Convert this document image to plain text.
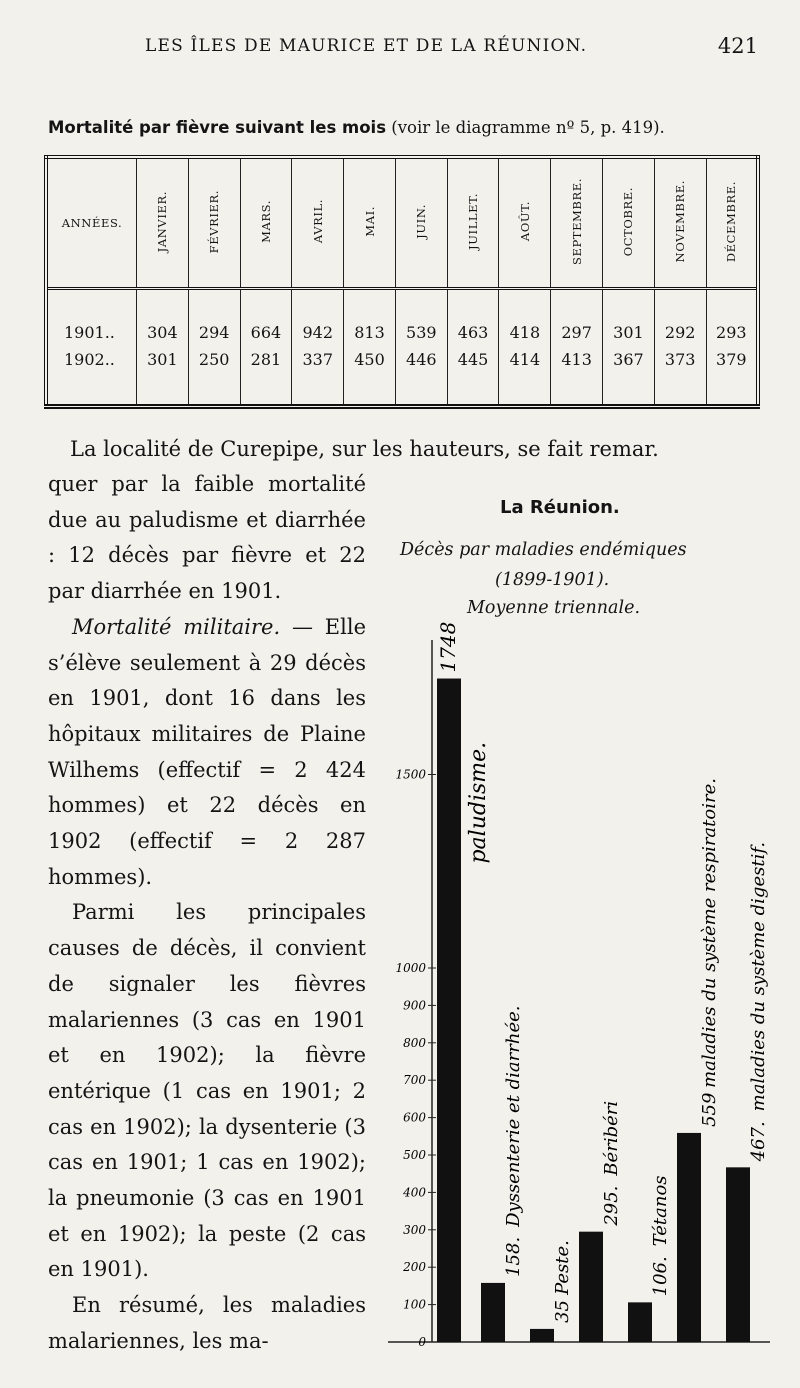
LES ÎLES DE MAURICE ET DE LA RÉUNION.	421
Mortalité par fièvre suivant les mois (voir le diagramme nº 5, p. 419).
ANNÉES.	JANVIER.	FÉVRIER.	MARS.	AVRIL.	MAI.	JUIN.	JUILLET.	AOÛT.	SEPTEMBRE.	OCTOBRE.	NOVEMBRE.	DÉCEMBRE.
1901..	304	294	664	942	813	539	463	418	297	301	292	293
1902..	301	250	281	337	450	446	445	414	413	367	373	379
La localité de Curepipe, sur les hauteurs, se fait remar.

quer par la faible mortalité due au paludisme et diarrhée : 12 décès par fièvre et 22 par diarrhée en 1901.

Mortalité militaire. — Elle s’élève seulement à 29 décès en 1901, dont 16 dans les hôpitaux militaires de Plaine Wilhems (effectif = 2 424 hommes) et 22 décès en 1902 (effectif = 2 287 hommes).

Parmi les principales causes de décès, il convient de signaler les fièvres malariennes (3 cas en 1901 et en 1902); la fièvre entérique (1 cas en 1901; 2 cas en 1902); la dysenterie (3 cas en 1901; 1 cas en 1902); la pneumonie (3 cas en 1901 et en 1902); la peste (2 cas en 1901).

En résumé, les maladies malariennes, les ma-

La Réunion.
Décès par maladies endémiques
(1899-1901).
Moyenne triennale.
0
100
200
300
400
500
600
700
800
900
1000
1500
1748
paludisme.
158.
Dyssenterie et diarrhée.
35
Peste.
295.
Béribéri
106.
Tétanos
559
maladies du système respiratoire.
467.
maladies du système digestif.
